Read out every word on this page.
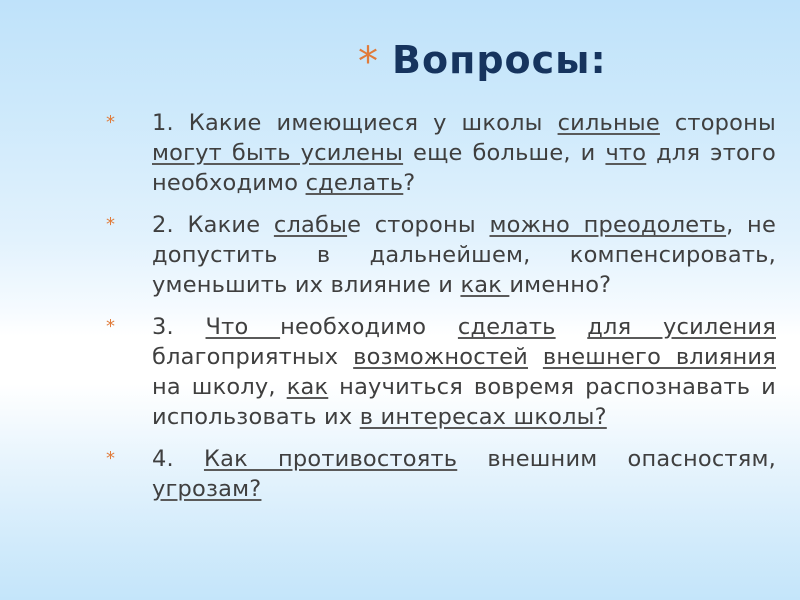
* Вопросы:
*	1. Какие имеющиеся у школы сильные стороны могут быть усилены еще больше, и что для этого необходимо сделать?
*	2. Какие слабые стороны можно преодолеть, не допустить в дальнейшем, компенсировать, уменьшить их влияние и как именно?
*	3. Что необходимо сделать для усиления благоприятных возможностей внешнего влияния на школу, как научиться вовремя распознавать и использовать их в интересах школы?
*	4. Как противостоять внешним опасностям, угрозам?
